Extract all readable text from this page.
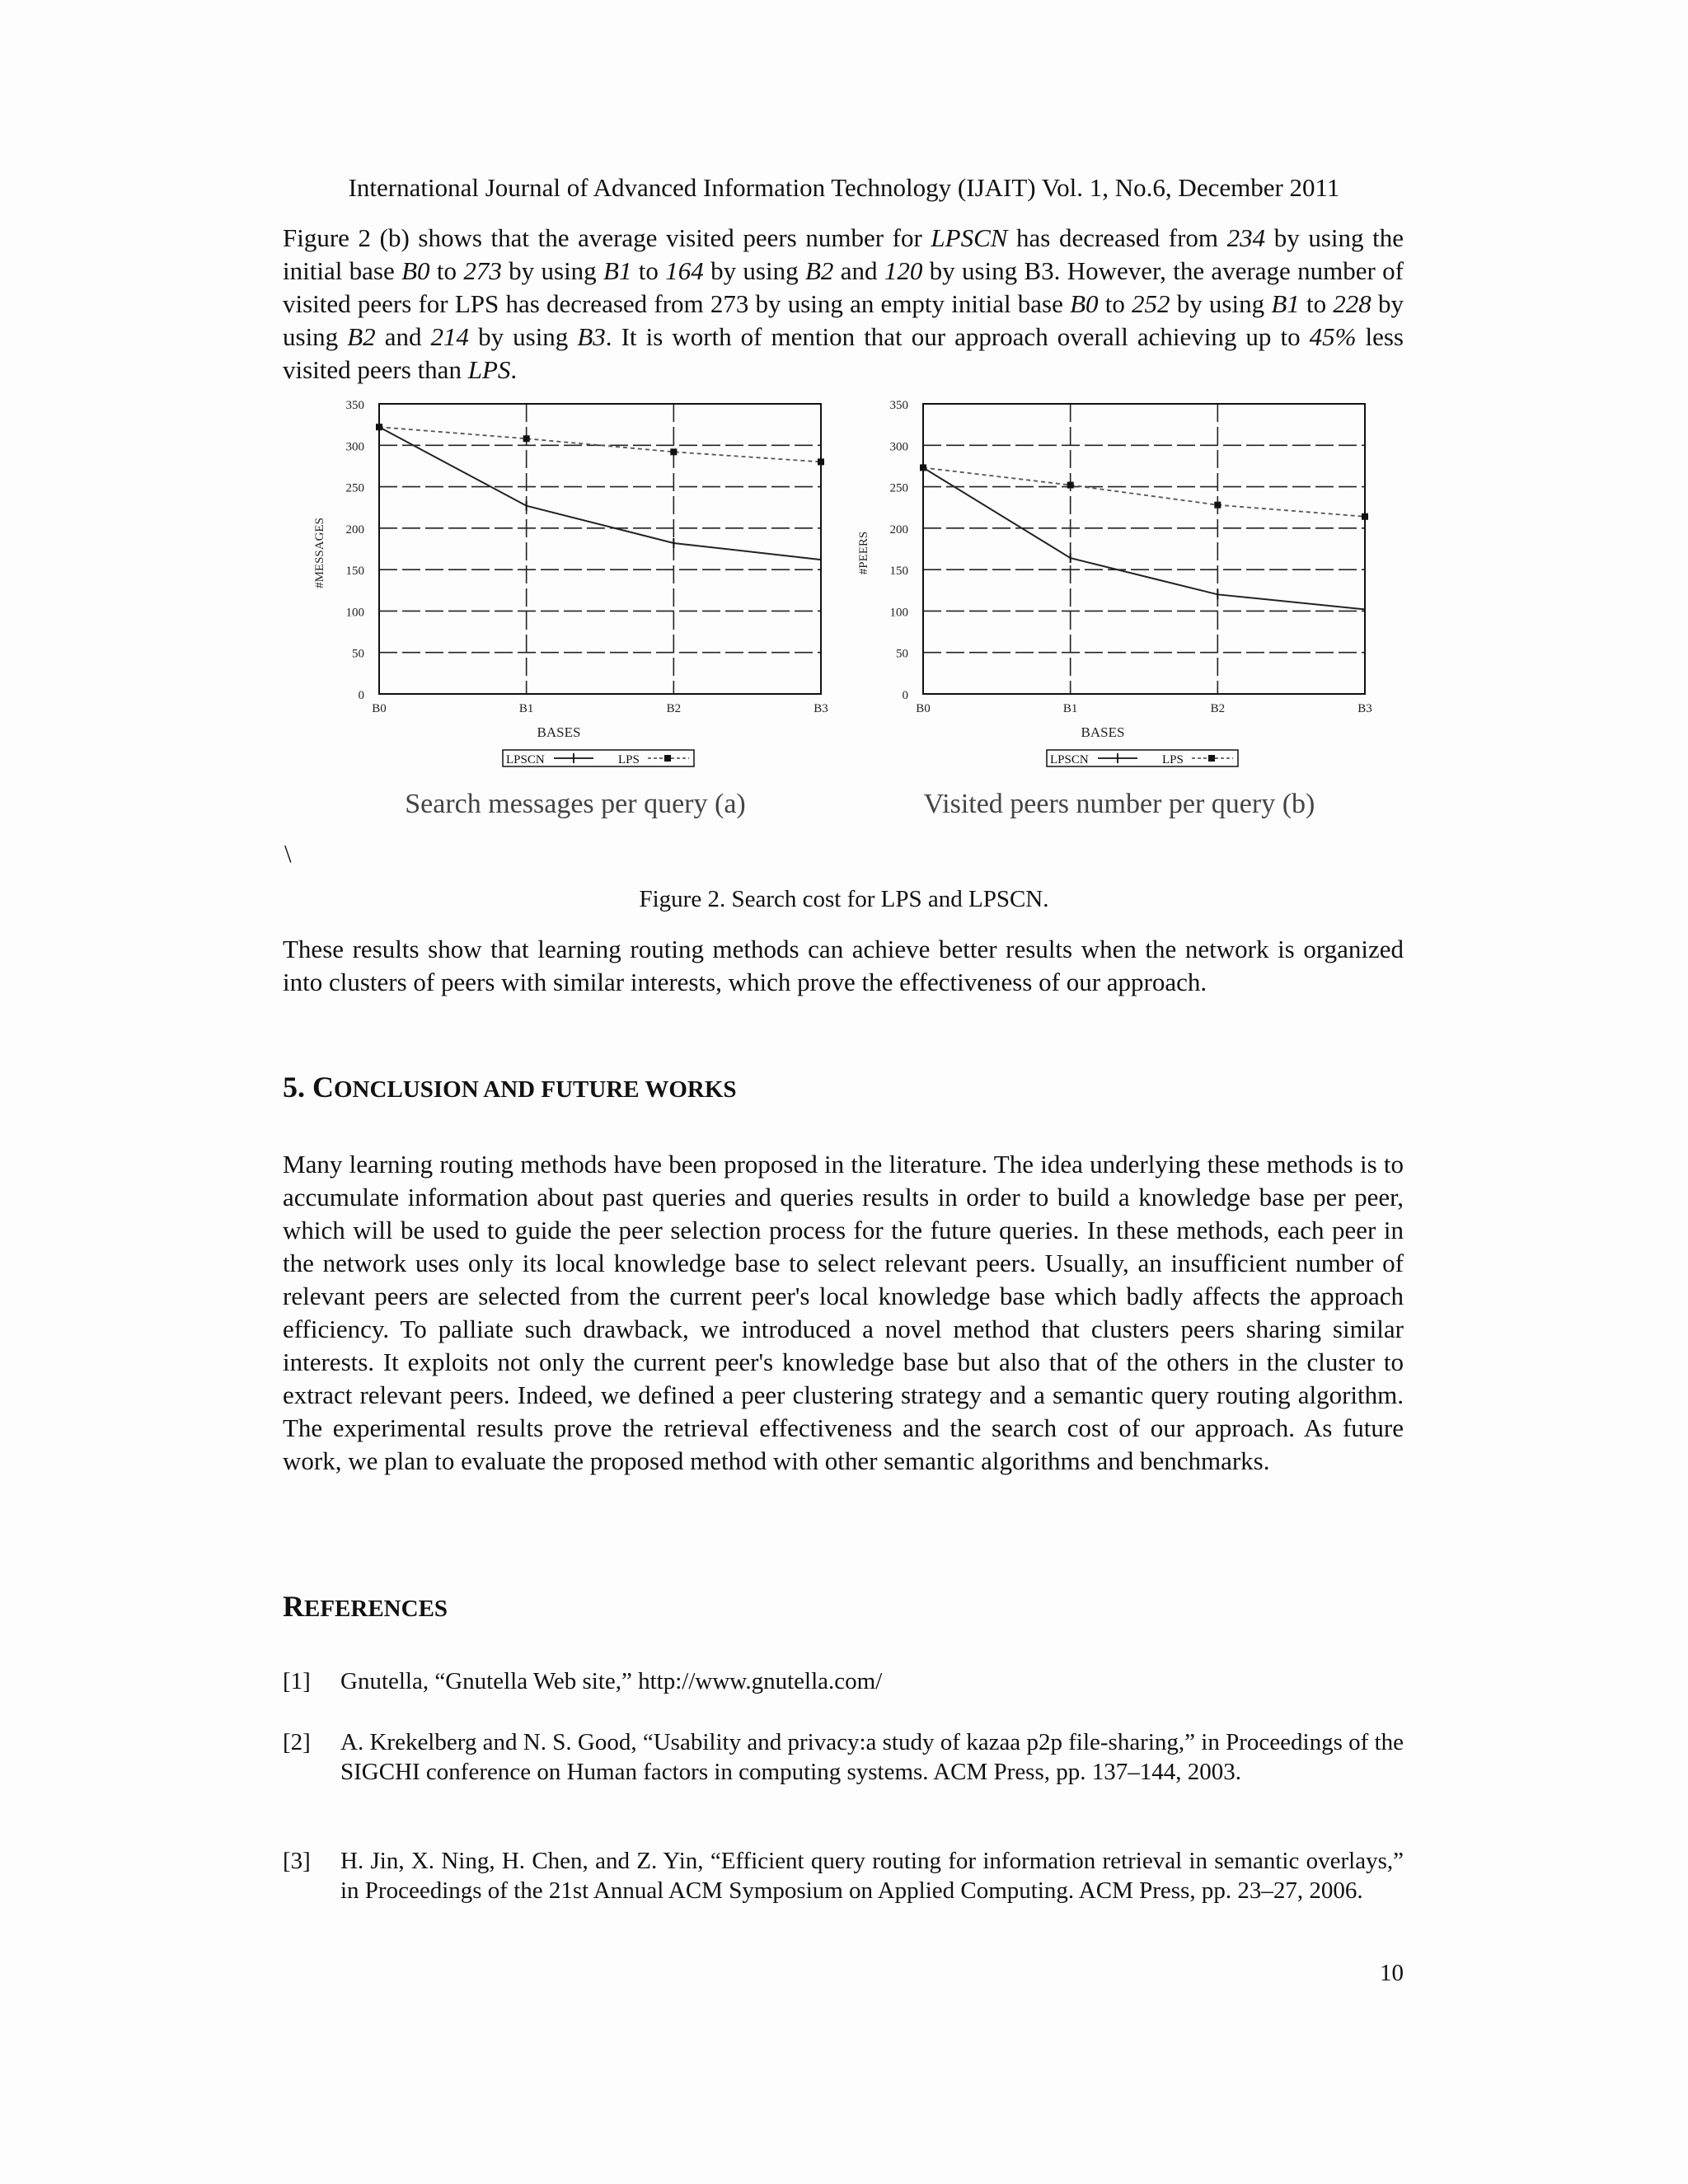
International Journal of Advanced Information Technology (IJAIT) Vol. 1, No.6, December 2011
Figure 2 (b) shows that the average visited peers number for LPSCN has decreased from 234 by using the initial base B0 to 273 by using B1 to 164 by using B2 and 120 by using B3. However, the average number of visited peers for LPS has decreased from 273 by using an empty initial base B0 to 252 by using B1 to 228 by using B2 and 214 by using B3. It is worth of mention that our approach overall achieving up to 45% less visited peers than LPS.
0
50
100
150
200
250
300
350
B0	B1	B2	B3
BASES
#MESSAGES
LPSCN	LPS
Search messages per query (a)
0
50
100
150
200
250
300
350
B0	B1	B2	B3
BASES
#PEERS
LPSCN	LPS
Visited peers number per query (b)
\
Figure 2. Search cost for LPS and LPSCN.
These results show that learning routing methods can achieve better results when the network is organized into clusters of peers with similar interests, which prove the effectiveness of our approach.
5. CONCLUSION AND FUTURE WORKS
Many learning routing methods have been proposed in the literature. The idea underlying these methods is to accumulate information about past queries and queries results in order to build a knowledge base per peer, which will be used to guide the peer selection process for the future queries. In these methods, each peer in the network uses only its local knowledge base to select relevant peers. Usually, an insufficient number of relevant peers are selected from the current peer's local knowledge base which badly affects the approach efficiency. To palliate such drawback, we introduced a novel method that clusters peers sharing similar interests. It exploits not only the current peer's knowledge base but also that of the others in the cluster to extract relevant peers. Indeed, we defined a peer clustering strategy and a semantic query routing algorithm. The experimental results prove the retrieval effectiveness and the search cost of our approach. As future work, we plan to evaluate the proposed method with other semantic algorithms and benchmarks.
REFERENCES
[1] Gnutella, “Gnutella Web site,” http://www.gnutella.com/
[2] A. Krekelberg and N. S. Good, “Usability and privacy:a study of kazaa p2p file-sharing,” in Proceedings of the SIGCHI conference on Human factors in computing systems. ACM Press, pp. 137–144, 2003.
[3] H. Jin, X. Ning, H. Chen, and Z. Yin, “Efficient query routing for information retrieval in semantic overlays,” in Proceedings of the 21st Annual ACM Symposium on Applied Computing. ACM Press, pp. 23–27, 2006.
10
